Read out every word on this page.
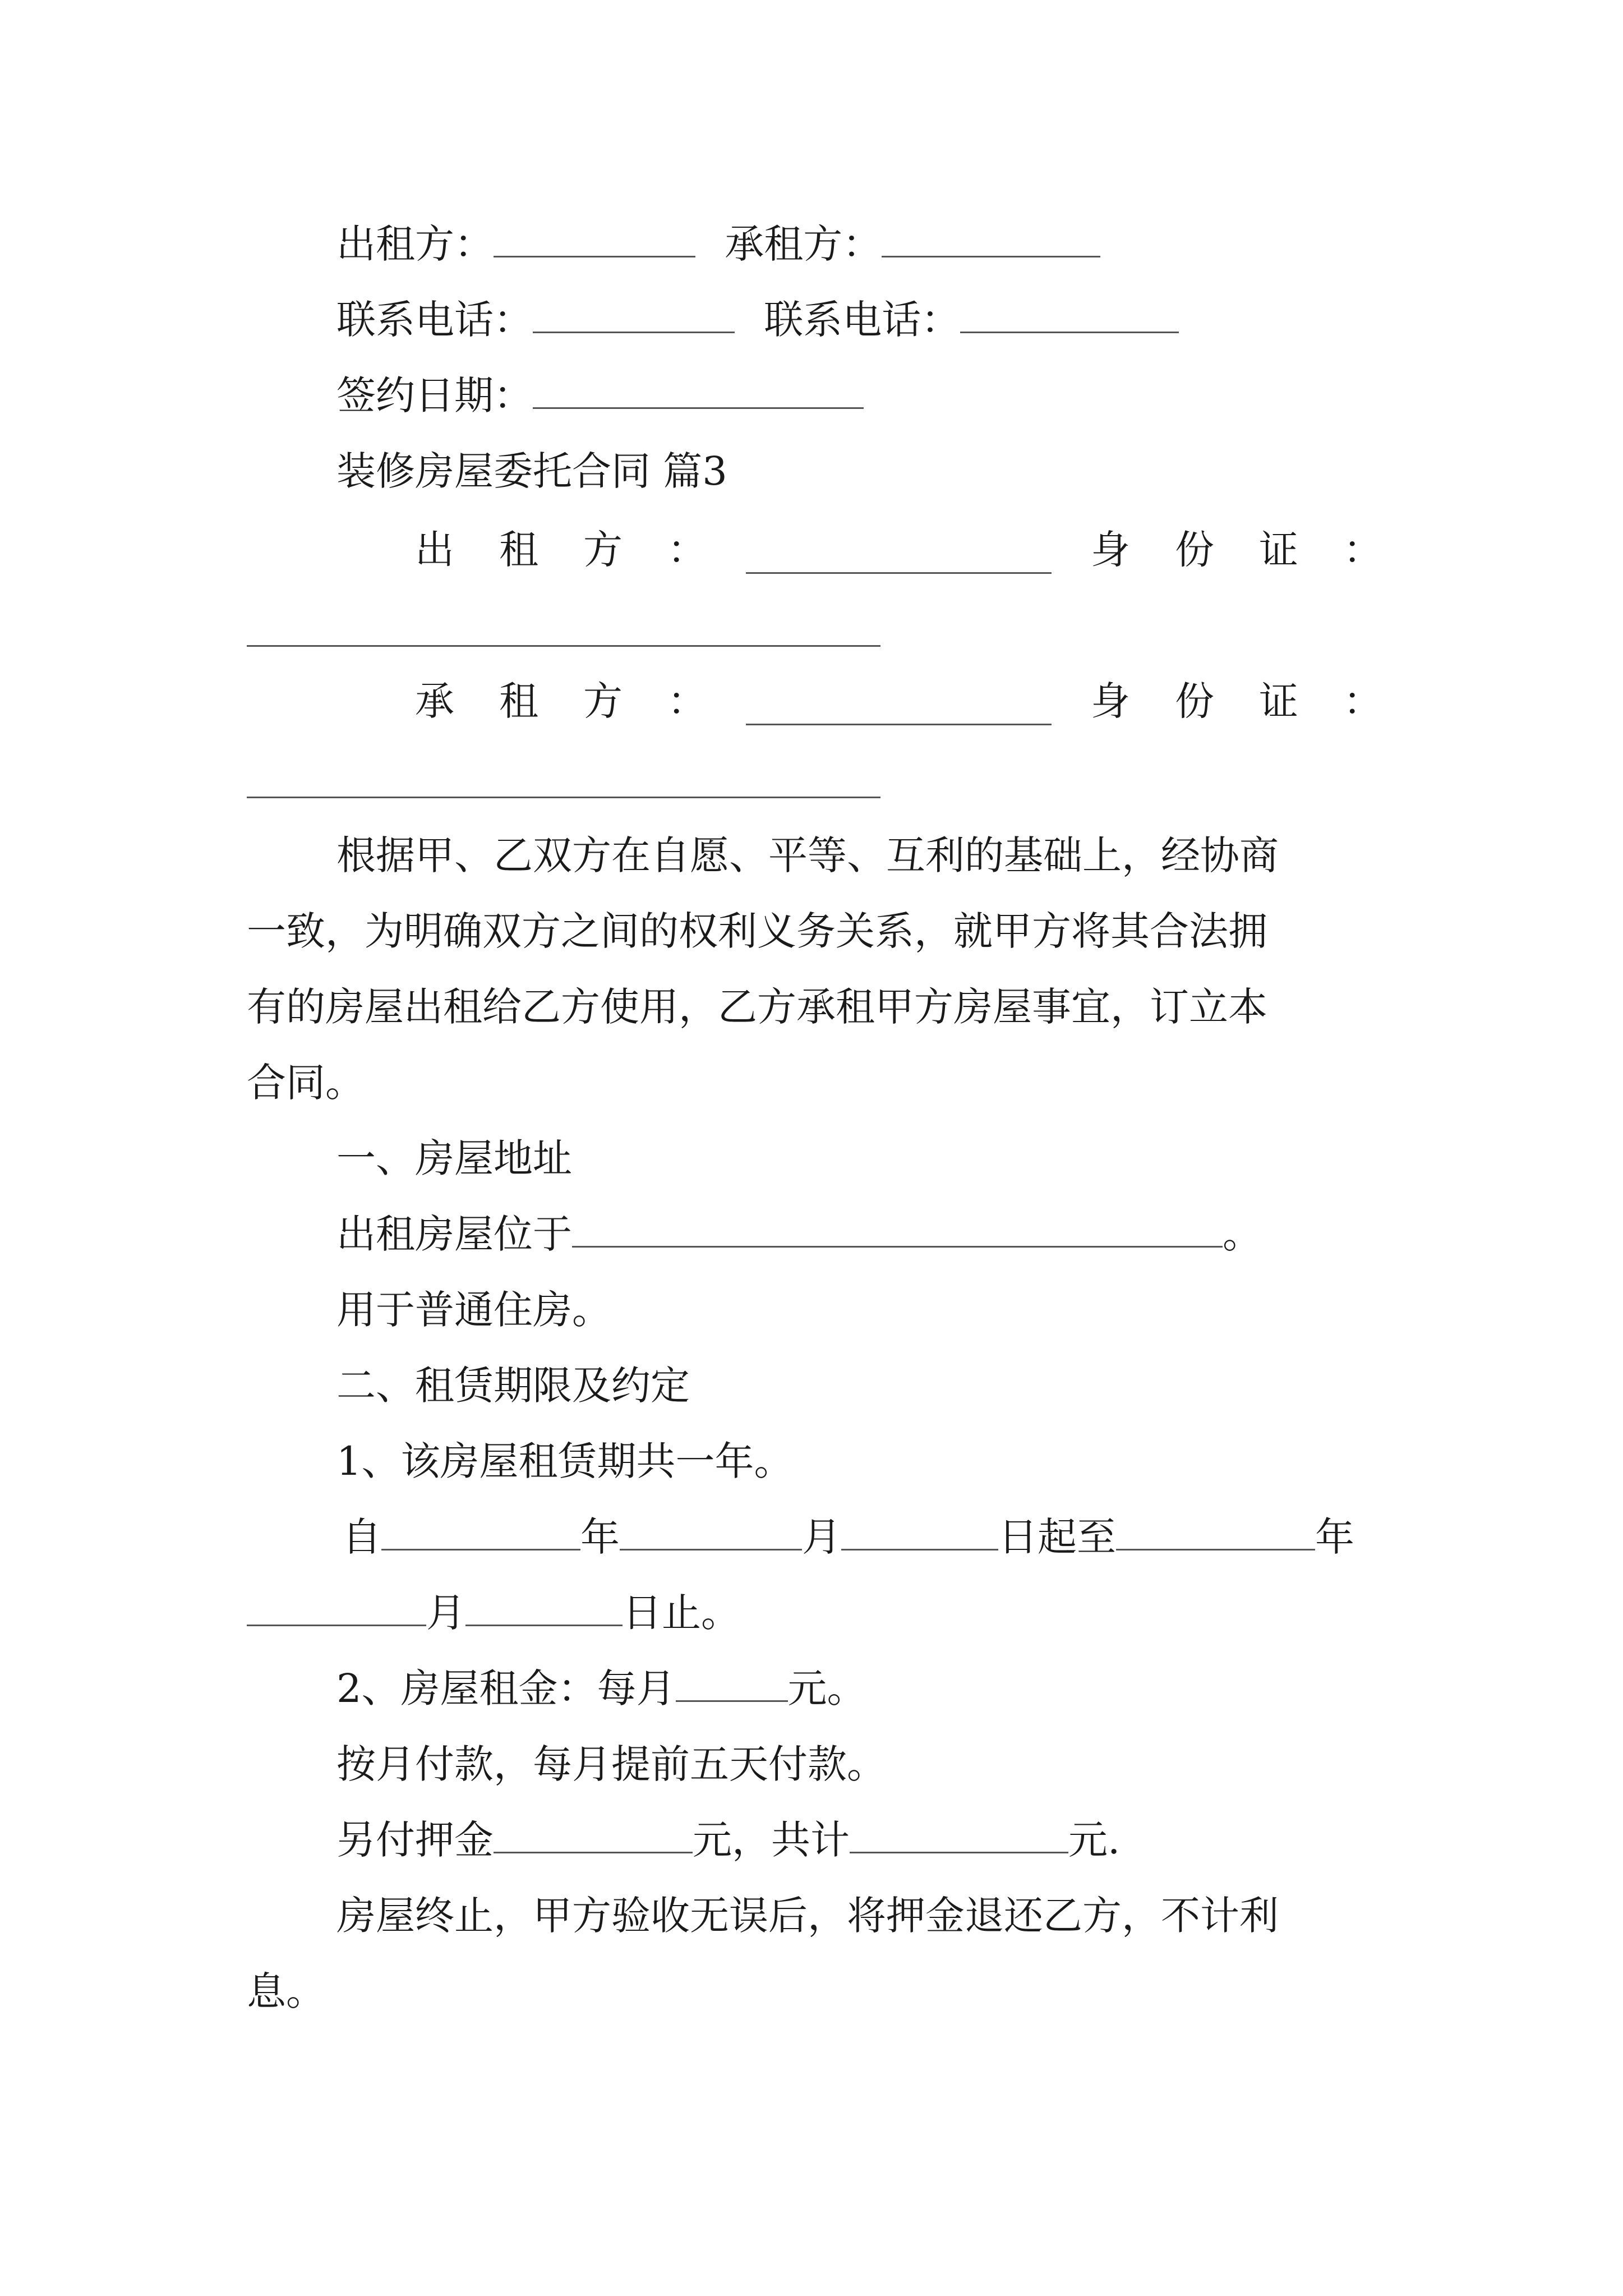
出租方：	承租方：
联系电话：	联系电话：
签约日期：
装修房屋委托合同 篇3
出 租 方 ：	身 份 证 ：
承 租 方 ：	身 份 证 ：
根据甲、乙双方在自愿、平等、互利的基础上，经协商
一致，为明确双方之间的权利义务关系，就甲方将其合法拥
有的房屋出租给乙方使用，乙方承租甲方房屋事宜，订立本
合同。
一、房屋地址
出租房屋位于	。
用于普通住房。
二、租赁期限及约定
1、该房屋租赁期共一年。
自	年	月	日起至	年
月	日止。
2、房屋租金：每月	元。
按月付款，每月提前五天付款。
另付押金	元，共计	元.
房屋终止，甲方验收无误后，将押金退还乙方，不计利
息。
